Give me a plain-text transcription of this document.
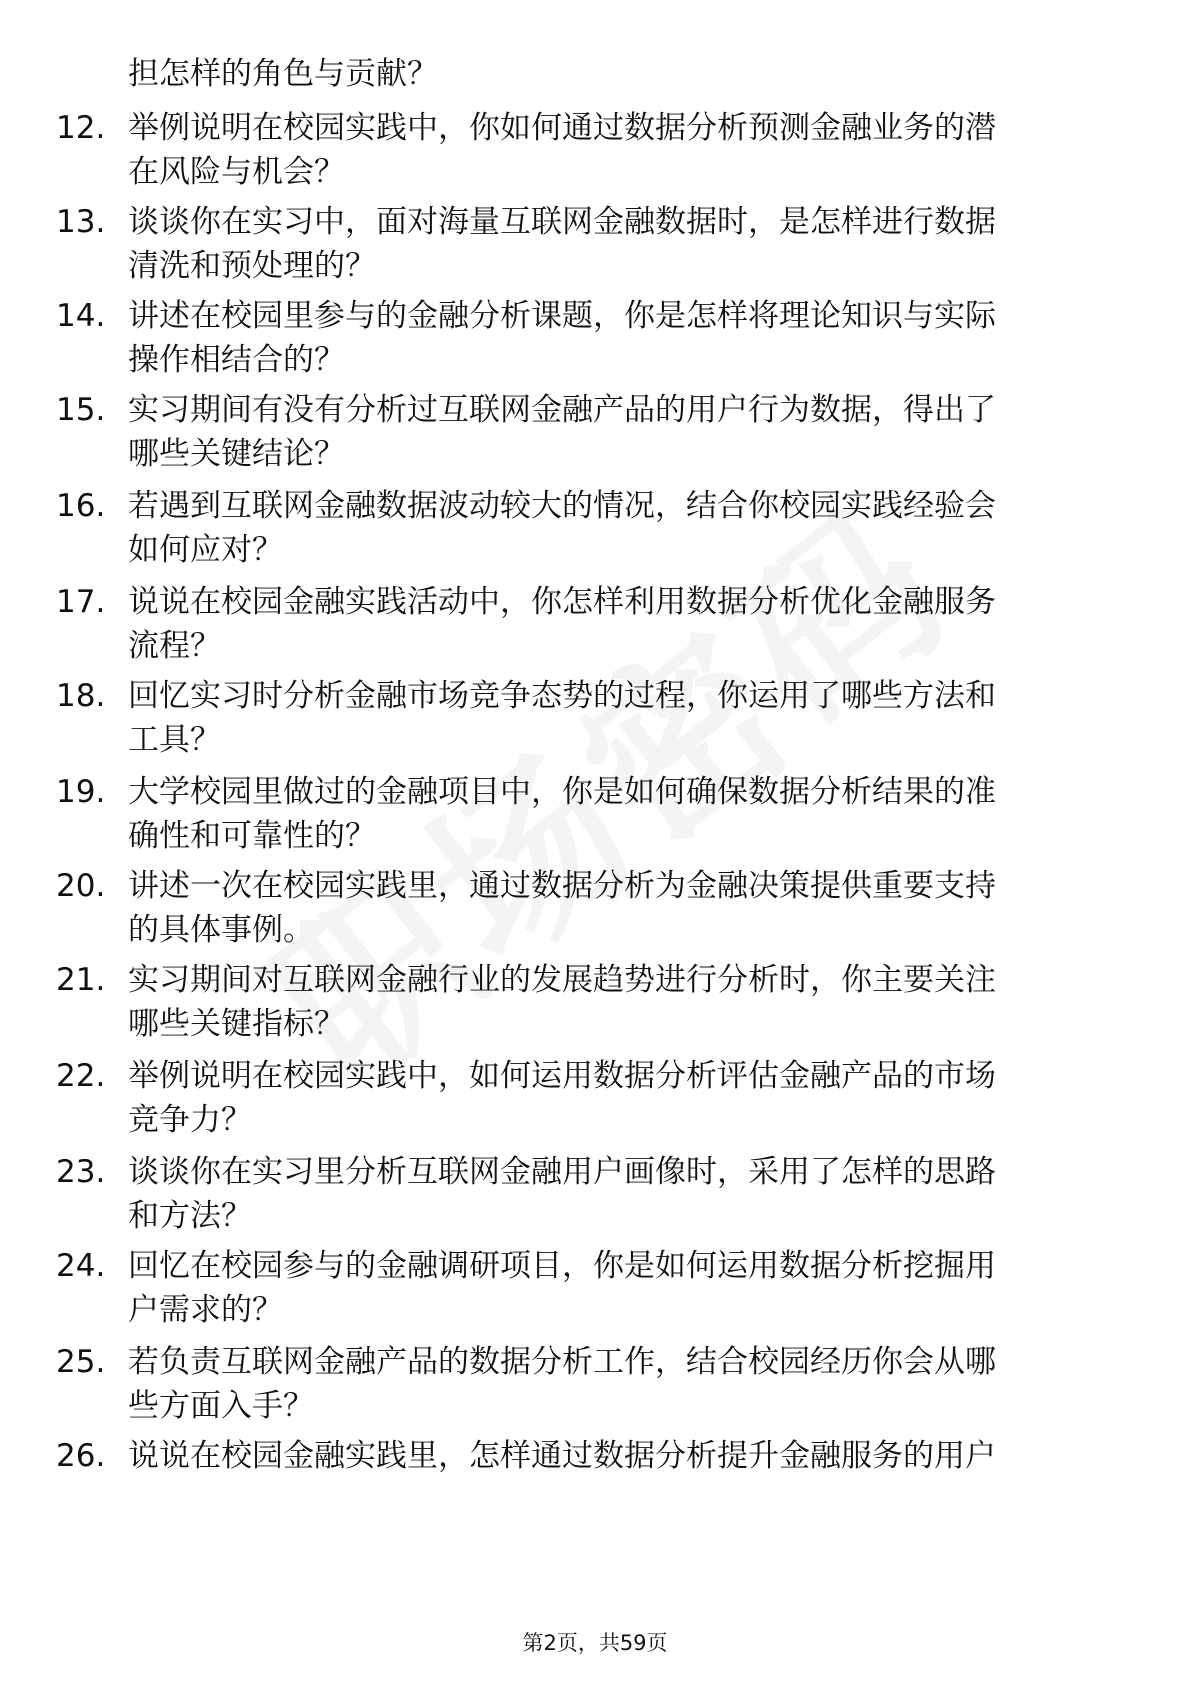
担怎样的角色与贡献？
12. 举例说明在校园实践中，你如何通过数据分析预测金融业务的潜
在风险与机会？
13. 谈谈你在实习中，面对海量互联网金融数据时，是怎样进行数据
清洗和预处理的？
14. 讲述在校园里参与的金融分析课题，你是怎样将理论知识与实际
操作相结合的？
15. 实习期间有没有分析过互联网金融产品的用户行为数据，得出了
哪些关键结论？
16. 若遇到互联网金融数据波动较大的情况，结合你校园实践经验会
如何应对？
17. 说说在校园金融实践活动中，你怎样利用数据分析优化金融服务
流程？
18. 回忆实习时分析金融市场竞争态势的过程，你运用了哪些方法和
工具？
19. 大学校园里做过的金融项目中，你是如何确保数据分析结果的准
确性和可靠性的？
20. 讲述一次在校园实践里，通过数据分析为金融决策提供重要支持
的具体事例。
21. 实习期间对互联网金融行业的发展趋势进行分析时，你主要关注
哪些关键指标？
22. 举例说明在校园实践中，如何运用数据分析评估金融产品的市场
竞争力？
23. 谈谈你在实习里分析互联网金融用户画像时，采用了怎样的思路
和方法？
24. 回忆在校园参与的金融调研项目，你是如何运用数据分析挖掘用
户需求的？
25. 若负责互联网金融产品的数据分析工作，结合校园经历你会从哪
些方面入手？
26. 说说在校园金融实践里，怎样通过数据分析提升金融服务的用户
第2页，共59页
